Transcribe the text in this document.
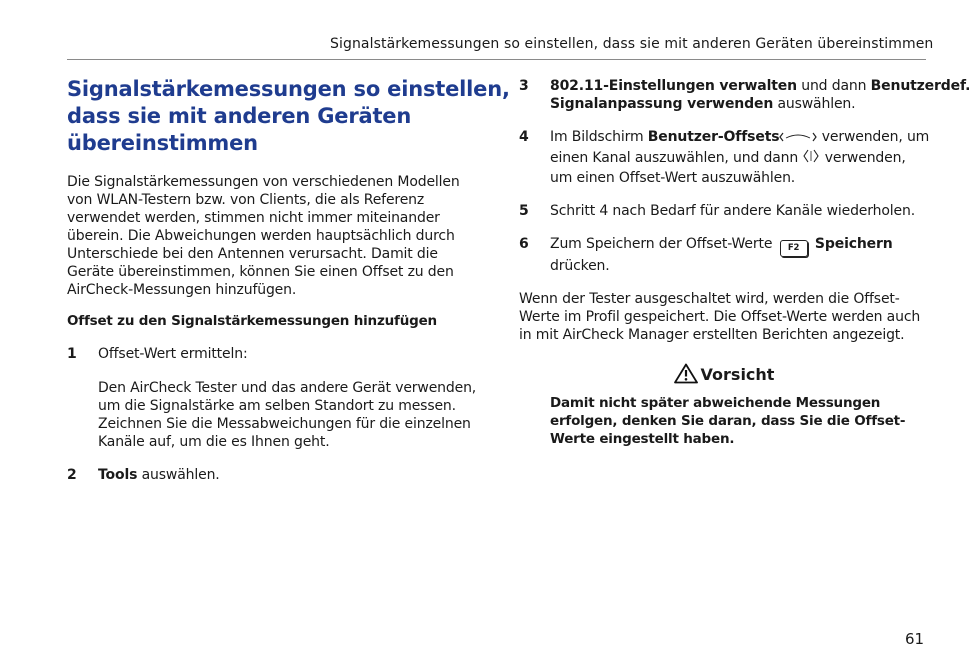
Signalstärkemessungen so einstellen, dass sie mit anderen Geräten übereinstimmen
Signalstärkemessungen so einstellen,
dass sie mit anderen Geräten
übereinstimmen

Die Signalstärkemessungen von verschiedenen Modellen
von WLAN-Testern bzw. von Clients, die als Referenz
verwendet werden, stimmen nicht immer miteinander
überein. Die Abweichungen werden hauptsächlich durch
Unterschiede bei den Antennen verursacht. Damit die
Geräte übereinstimmen, können Sie einen Offset zu den
AirCheck-Messungen hinzufügen.

Offset zu den Signalstärkemessungen hinzufügen

1 Offset-Wert ermitteln:
Den AirCheck Tester und das andere Gerät verwenden,
um die Signalstärke am selben Standort zu messen.
Zeichnen Sie die Messabweichungen für die einzelnen
Kanäle auf, um die es Ihnen geht.
2 Tools auswählen.
3 802.11-Einstellungen verwalten und dann Benutzerdef.
Signalanpassung verwenden auswählen.
4 Im Bildschirm Benutzer-Offsets	verwenden, um
einen Kanal auszuwählen, und dann  verwenden,
um einen Offset-Wert auszuwählen.
5 Schritt 4 nach Bedarf für andere Kanäle wiederholen.
6 Zum Speichern der Offset-Werte F2 Speichern
drücken.

Wenn der Tester ausgeschaltet wird, werden die Offset-
Werte im Profil gespeichert. Die Offset-Werte werden auch
in mit AirCheck Manager erstellten Berichten angezeigt.

Vorsicht

Damit nicht später abweichende Messungen
erfolgen, denken Sie daran, dass Sie die Offset-
Werte eingestellt haben.

61
